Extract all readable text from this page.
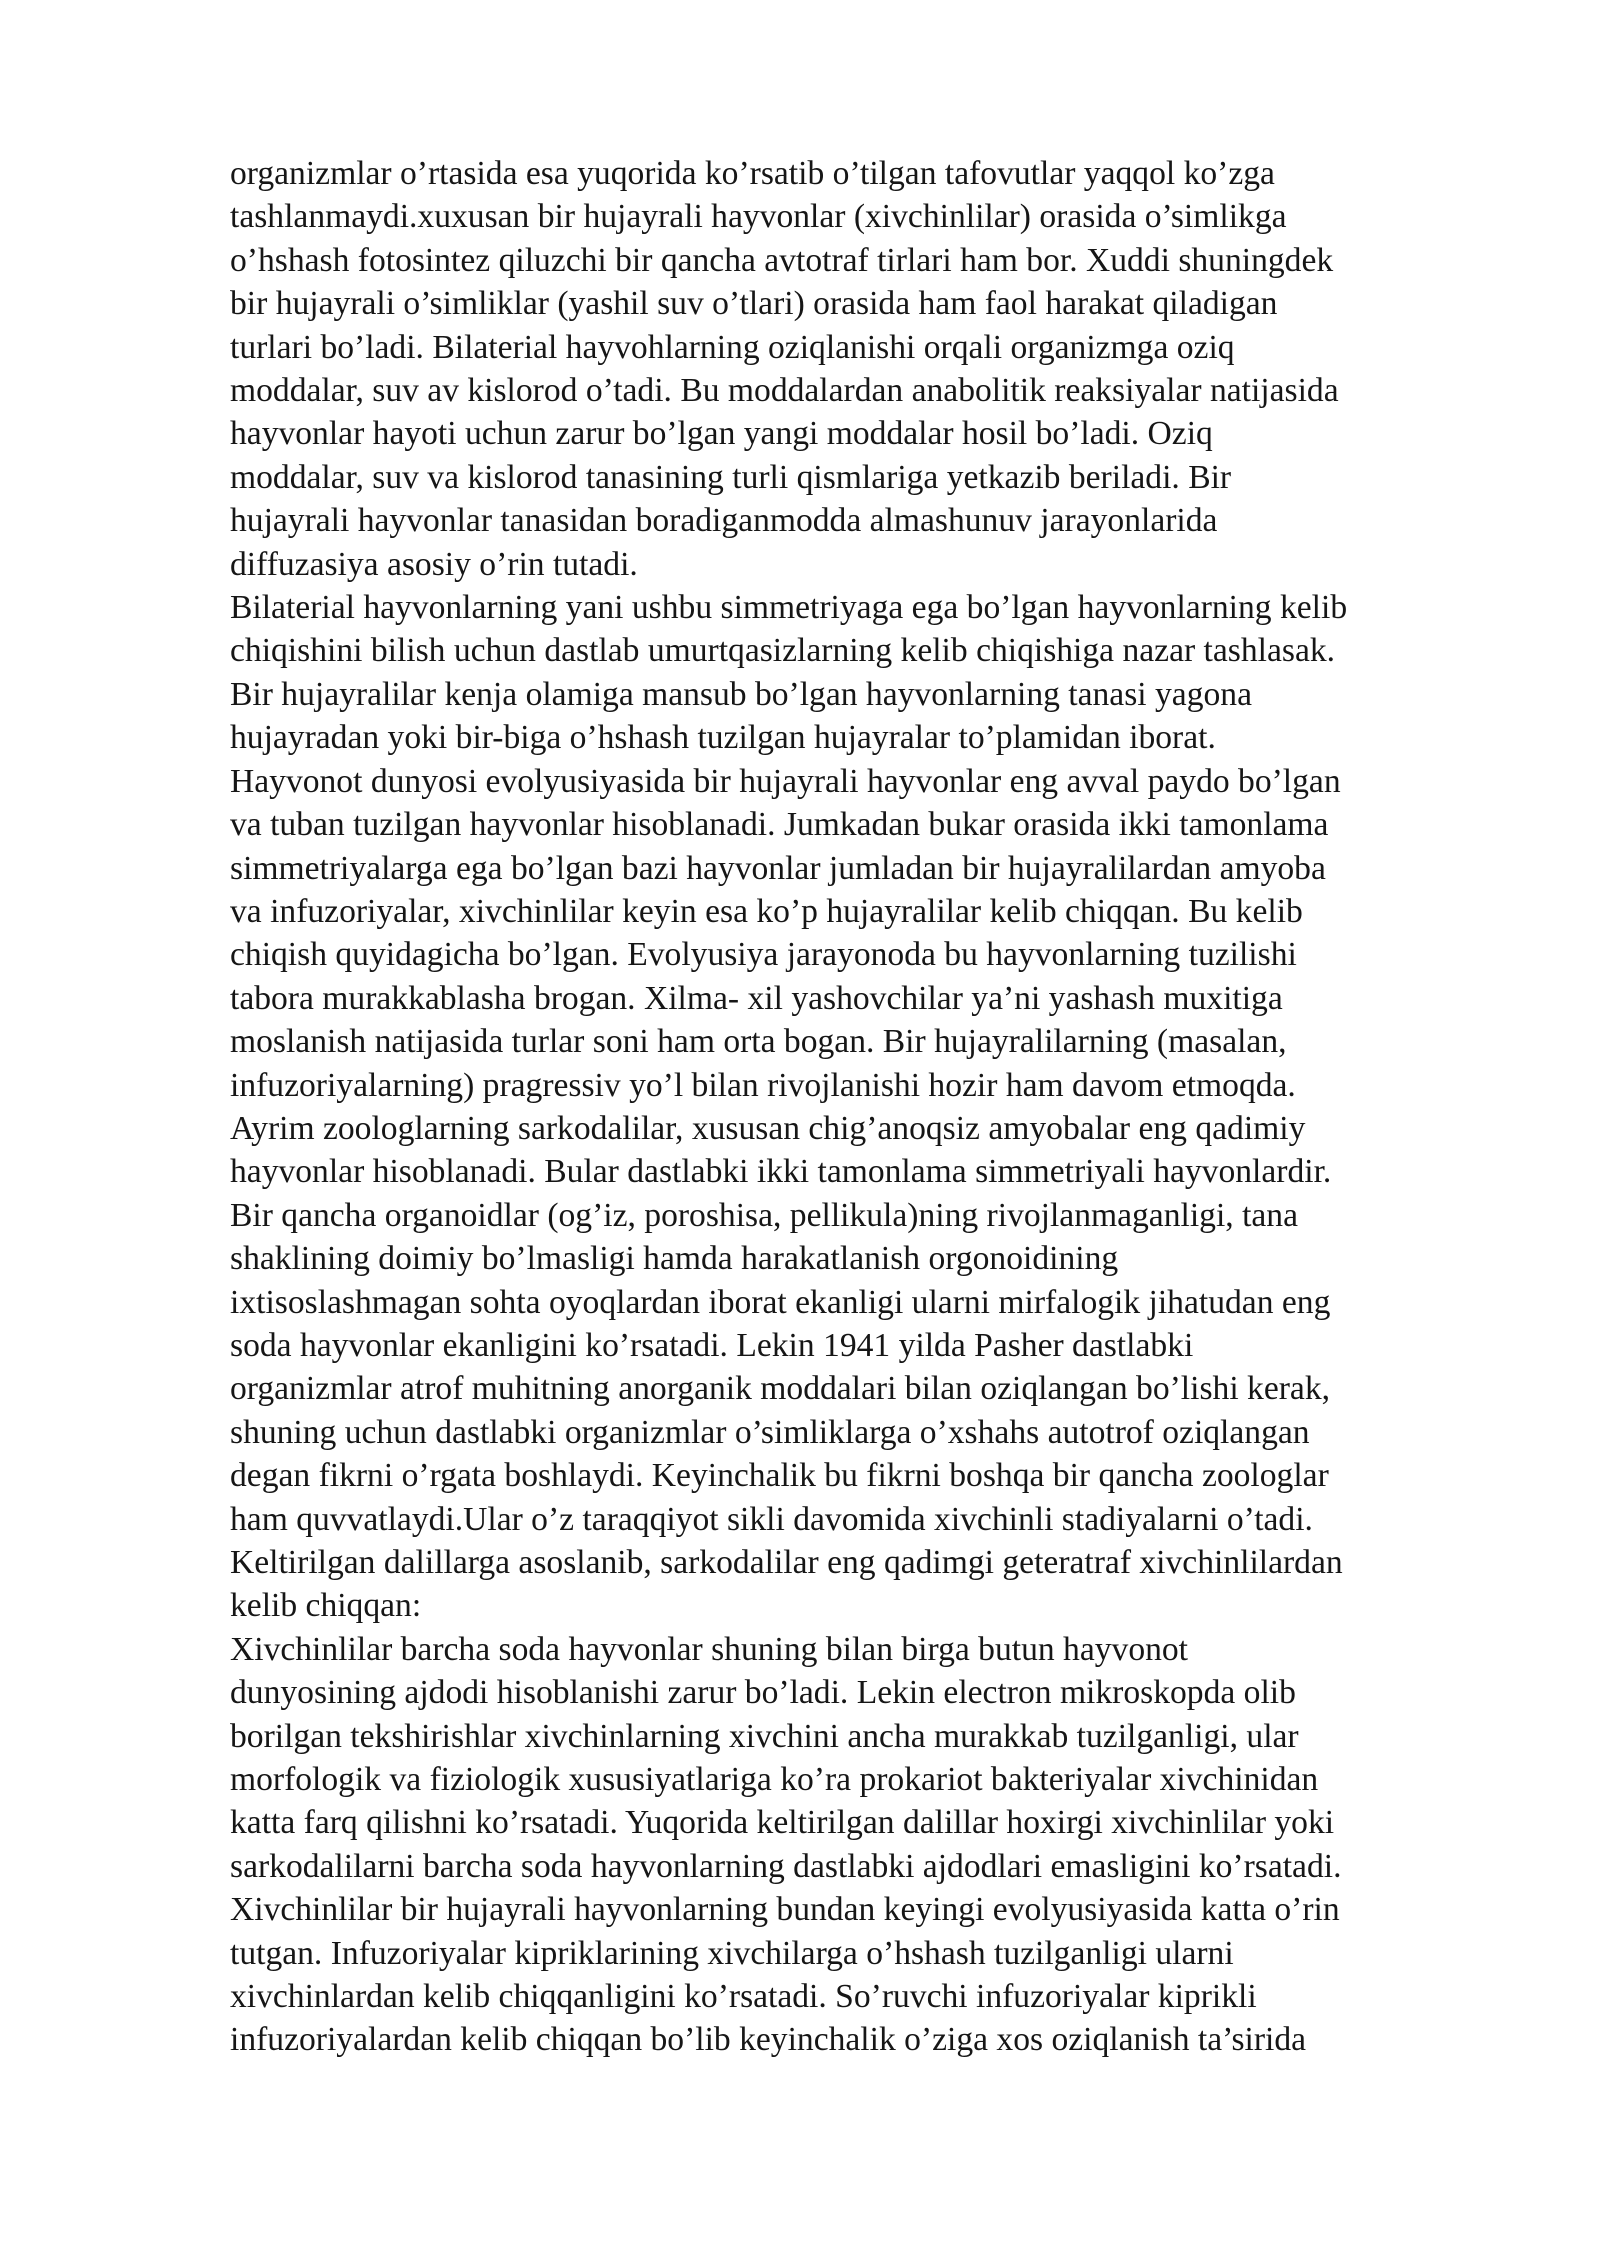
organizmlar o’rtasida esa yuqorida ko’rsatib o’tilgan tafovutlar yaqqol ko’zga
tashlanmaydi.xuxusan bir hujayrali hayvonlar (xivchinlilar) orasida o’simlikga
o’hshash fotosintez qiluzchi bir qancha avtotraf tirlari ham bor. Xuddi shuningdek
bir hujayrali o’simliklar (yashil suv o’tlari) orasida ham faol harakat qiladigan
turlari bo’ladi. Bilaterial hayvohlarning oziqlanishi orqali organizmga oziq
moddalar, suv av kislorod o’tadi. Bu moddalardan anabolitik reaksiyalar natijasida
hayvonlar hayoti uchun zarur bo’lgan yangi moddalar hosil bo’ladi. Oziq
moddalar, suv va kislorod tanasining turli qismlariga yetkazib beriladi. Bir
hujayrali hayvonlar tanasidan boradiganmodda almashunuv jarayonlarida
diffuzasiya asosiy o’rin tutadi.
Bilaterial hayvonlarning yani ushbu simmetriyaga ega bo’lgan hayvonlarning kelib
chiqishini bilish uchun dastlab umurtqasizlarning kelib chiqishiga nazar tashlasak.
Bir hujayralilar kenja olamiga mansub bo’lgan hayvonlarning tanasi yagona
hujayradan yoki bir-biga o’hshash tuzilgan hujayralar to’plamidan iborat.
Hayvonot dunyosi evolyusiyasida bir hujayrali hayvonlar eng avval paydo bo’lgan
va tuban tuzilgan hayvonlar hisoblanadi. Jumkadan bukar orasida ikki tamonlama
simmetriyalarga ega bo’lgan bazi hayvonlar jumladan bir hujayralilardan amyoba
va infuzoriyalar, xivchinlilar keyin esa ko’p hujayralilar kelib chiqqan. Bu kelib
chiqish quyidagicha bo’lgan. Evolyusiya jarayonoda bu hayvonlarning tuzilishi
tabora murakkablasha brogan. Xilma- xil yashovchilar ya’ni yashash muxitiga
moslanish natijasida turlar soni ham orta bogan. Bir hujayralilarning (masalan,
infuzoriyalarning) pragressiv yo’l bilan rivojlanishi hozir ham davom etmoqda.
Ayrim zoologlarning sarkodalilar, xususan chig’anoqsiz amyobalar eng qadimiy
hayvonlar hisoblanadi. Bular dastlabki ikki tamonlama simmetriyali hayvonlardir.
Bir qancha organoidlar (og’iz, poroshisa, pellikula)ning rivojlanmaganligi, tana
shaklining doimiy bo’lmasligi hamda harakatlanish orgonoidining
ixtisoslashmagan sohta oyoqlardan iborat ekanligi ularni mirfalogik jihatudan eng
soda hayvonlar ekanligini ko’rsatadi. Lekin 1941 yilda Pasher dastlabki
organizmlar atrof muhitning anorganik moddalari bilan oziqlangan bo’lishi kerak,
shuning uchun dastlabki organizmlar o’simliklarga o’xshahs autotrof oziqlangan
degan fikrni o’rgata boshlaydi. Keyinchalik bu fikrni boshqa bir qancha zoologlar
ham quvvatlaydi.Ular o’z taraqqiyot sikli davomida xivchinli stadiyalarni o’tadi.
Keltirilgan dalillarga asoslanib, sarkodalilar eng qadimgi geteratraf xivchinlilardan
kelib chiqqan:
Xivchinlilar barcha soda hayvonlar shuning bilan birga butun hayvonot
dunyosining ajdodi hisoblanishi zarur bo’ladi. Lekin electron mikroskopda olib
borilgan tekshirishlar xivchinlarning xivchini ancha murakkab tuzilganligi, ular
morfologik va fiziologik xususiyatlariga ko’ra prokariot bakteriyalar xivchinidan
katta farq qilishni ko’rsatadi. Yuqorida keltirilgan dalillar hoxirgi xivchinlilar yoki
sarkodalilarni barcha soda hayvonlarning dastlabki ajdodlari emasligini ko’rsatadi.
Xivchinlilar bir hujayrali hayvonlarning bundan keyingi evolyusiyasida katta o’rin
tutgan. Infuzoriyalar kipriklarining xivchilarga o’hshash tuzilganligi ularni
xivchinlardan kelib chiqqanligini ko’rsatadi. So’ruvchi infuzoriyalar kiprikli
infuzoriyalardan kelib chiqqan bo’lib keyinchalik o’ziga xos oziqlanish ta’sirida
